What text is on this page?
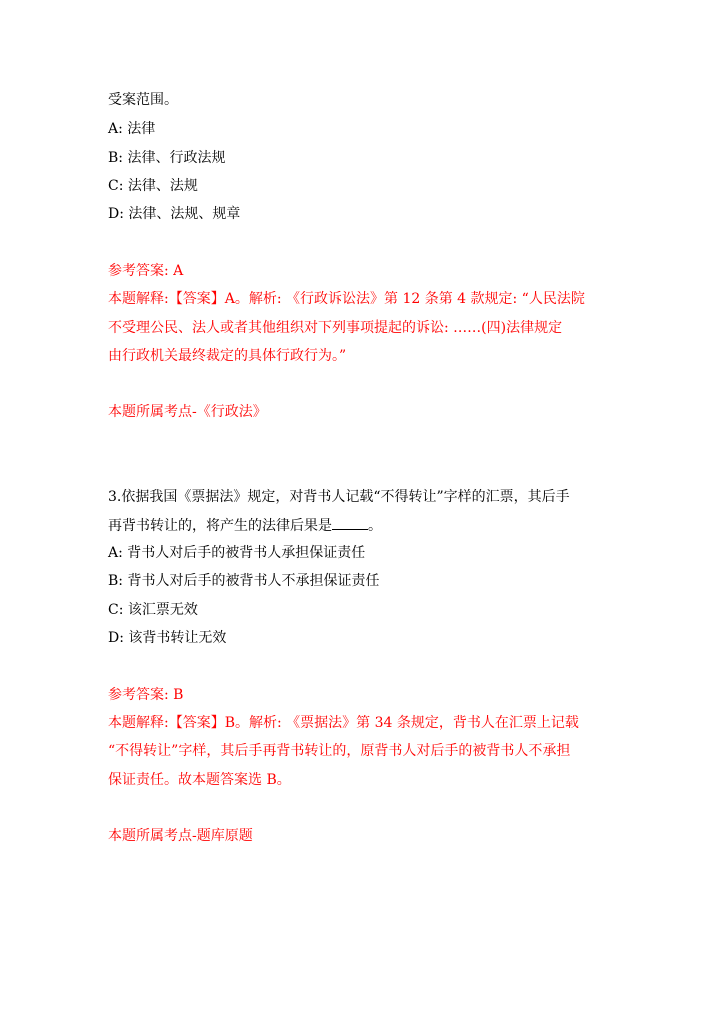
受案范围。
A: 法律
B: 法律、行政法规
C: 法律、法规
D: 法律、法规、规章
参考答案: A
本题解释:【答案】A。解析: 《行政诉讼法》第 12 条第 4 款规定: “人民法院
不受理公民、法人或者其他组织对下列事项提起的诉讼: ……(四)法律规定
由行政机关最终裁定的具体行政行为。”
本题所属考点-《行政法》
3.依据我国《票据法》规定，对背书人记载“不得转让”字样的汇票，其后手
再背书转让的，将产生的法律后果是	。
A: 背书人对后手的被背书人承担保证责任
B: 背书人对后手的被背书人不承担保证责任
C: 该汇票无效
D: 该背书转让无效
参考答案: B
本题解释:【答案】B。解析: 《票据法》第 34 条规定，背书人在汇票上记载
“不得转让”字样，其后手再背书转让的，原背书人对后手的被背书人不承担
保证责任。故本题答案选 B。
本题所属考点-题库原题
